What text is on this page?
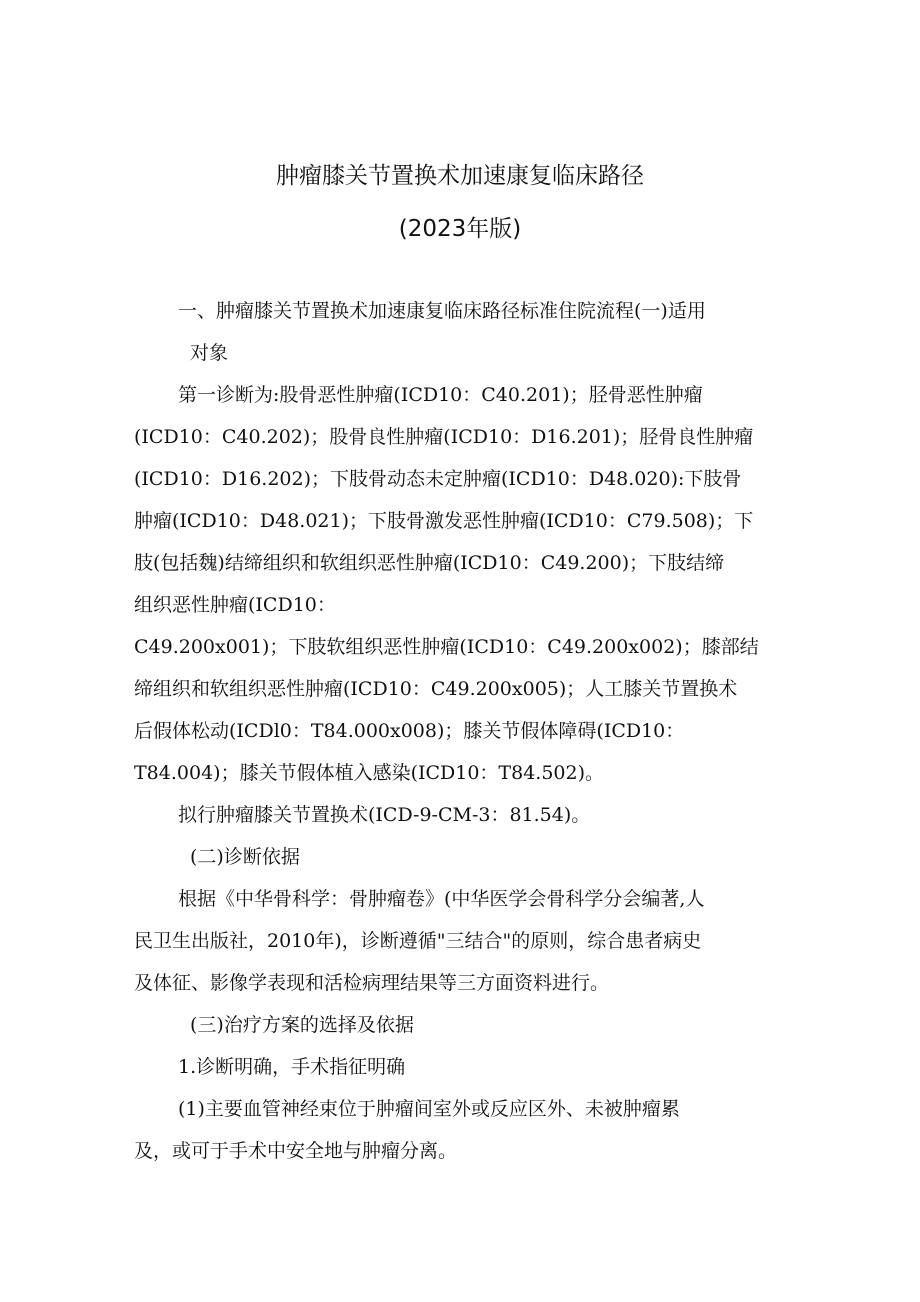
肿瘤膝关节置换术加速康复临床路径
(2023年版)
一、肿瘤膝关节置换术加速康复临床路径标准住院流程(一)适用
对象
第一诊断为:股骨恶性肿瘤(ICD10：C40.201)；胫骨恶性肿瘤
(ICD10：C40.202)；股骨良性肿瘤(ICD10：D16.201)；胫骨良性肿瘤
(ICD10：D16.202)；下肢骨动态未定肿瘤(ICD10：D48.020):下肢骨
肿瘤(ICD10：D48.021)；下肢骨激发恶性肿瘤(ICD10：C79.508)；下
肢(包括魏)结缔组织和软组织恶性肿瘤(ICD10：C49.200)；下肢结缔
组织恶性肿瘤(ICD10：
C49.200x001)；下肢软组织恶性肿瘤(ICD10：C49.200x002)；膝部结
缔组织和软组织恶性肿瘤(ICD10：C49.200x005)；人工膝关节置换术
后假体松动(ICDl0：T84.000x008)；膝关节假体障碍(ICD10：
T84.004)；膝关节假体植入感染(ICD10：T84.502)。
拟行肿瘤膝关节置换术(ICD-9-CM-3：81.54)。
(二)诊断依据
根据《中华骨科学：骨肿瘤卷》(中华医学会骨科学分会编著,人
民卫生出版社，2010年)，诊断遵循"三结合"的原则，综合患者病史
及体征、影像学表现和活检病理结果等三方面资料进行。
(三)治疗方案的选择及依据
1.诊断明确，手术指征明确
(1)主要血管神经束位于肿瘤间室外或反应区外、未被肿瘤累
及，或可于手术中安全地与肿瘤分离。
